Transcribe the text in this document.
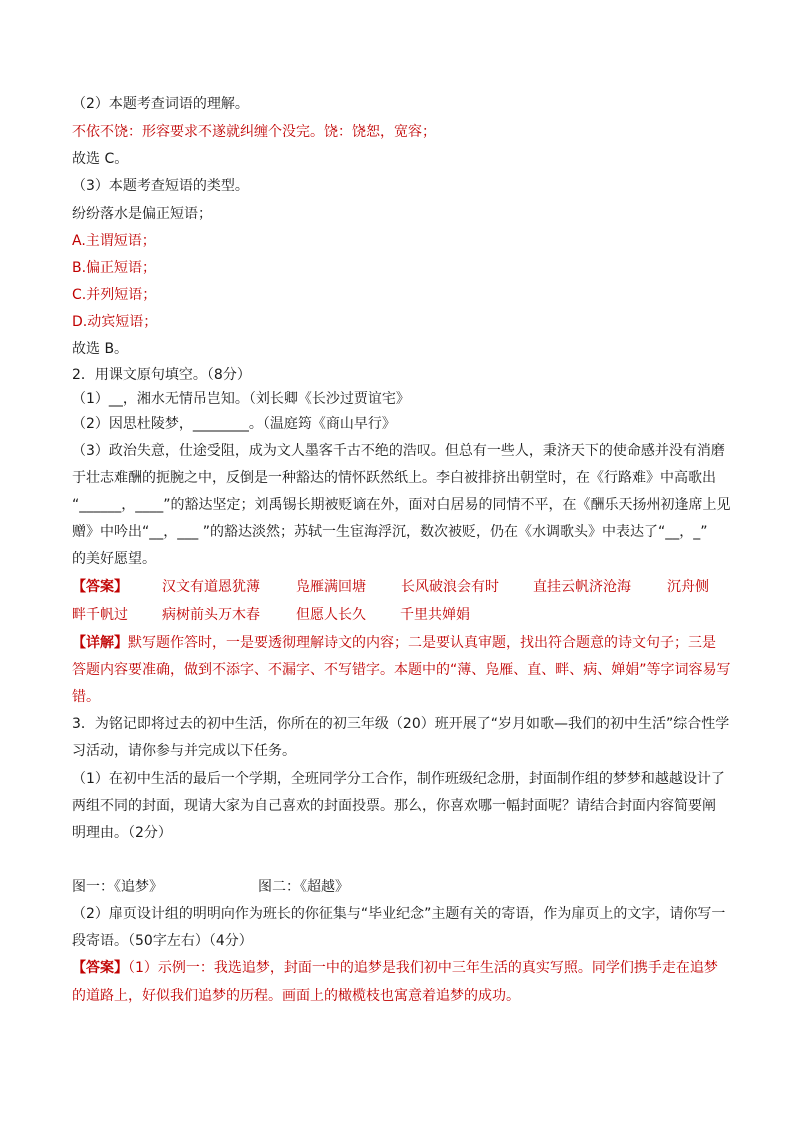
（2）本题考查词语的理解。
不依不饶：形容要求不遂就纠缠个没完。饶：饶恕，宽容；
故选 C。
（3）本题考查短语的类型。
纷纷落水是偏正短语；
A.主谓短语；
B.偏正短语；
C.并列短语；
D.动宾短语；
故选 B。
2．用课文原句填空。（8分）
（1）__，湘水无情吊岂知。（刘长卿《长沙过贾谊宅》
（2）因思杜陵梦，________。（温庭筠《商山早行》
（3）政治失意，仕途受阻，成为文人墨客千古不绝的浩叹。但总有一些人，秉济天下的使命感并没有消磨
于壮志难酬的扼腕之中，反倒是一种豁达的情怀跃然纸上。李白被排挤出朝堂时，在《行路难》中高歌出
“______，____”的豁达坚定；刘禹锡长期被贬谪在外，面对白居易的同情不平，在《酬乐天扬州初逢席上见
赠》中吟出“__，___ ”的豁达淡然；苏轼一生宦海浮沉，数次被贬，仍在《水调歌头》中表达了“__，_”
的美好愿望。
【答案】 汉文有道恩犹薄	凫雁满回塘	长风破浪会有时 直挂云帆济沧海	沉舟侧
畔千帆过 病树前头万木春	但愿人长久 千里共婵娟
【详解】默写题作答时，一是要透彻理解诗文的内容；二是要认真审题，找出符合题意的诗文句子；三是
答题内容要准确，做到不添字、不漏字、不写错字。本题中的“薄、凫雁、直、畔、病、婵娟”等字词容易写
错。
3．为铭记即将过去的初中生活，你所在的初三年级（20）班开展了“岁月如歌—我们的初中生活”综合性学
习活动，请你参与并完成以下任务。
（1）在初中生活的最后一个学期，全班同学分工合作，制作班级纪念册，封面制作组的梦梦和越越设计了
两组不同的封面，现请大家为自己喜欢的封面投票。那么，你喜欢哪一幅封面呢？请结合封面内容简要阐
明理由。（2分）
图一：《追梦》	图二：《超越》
（2）扉页设计组的明明向作为班长的你征集与“毕业纪念”主题有关的寄语，作为扉页上的文字，请你写一
段寄语。（50字左右）（4分）
【答案】（1）示例一：我选追梦，封面一中的追梦是我们初中三年生活的真实写照。同学们携手走在追梦
的道路上，好似我们追梦的历程。画面上的橄榄枝也寓意着追梦的成功。
